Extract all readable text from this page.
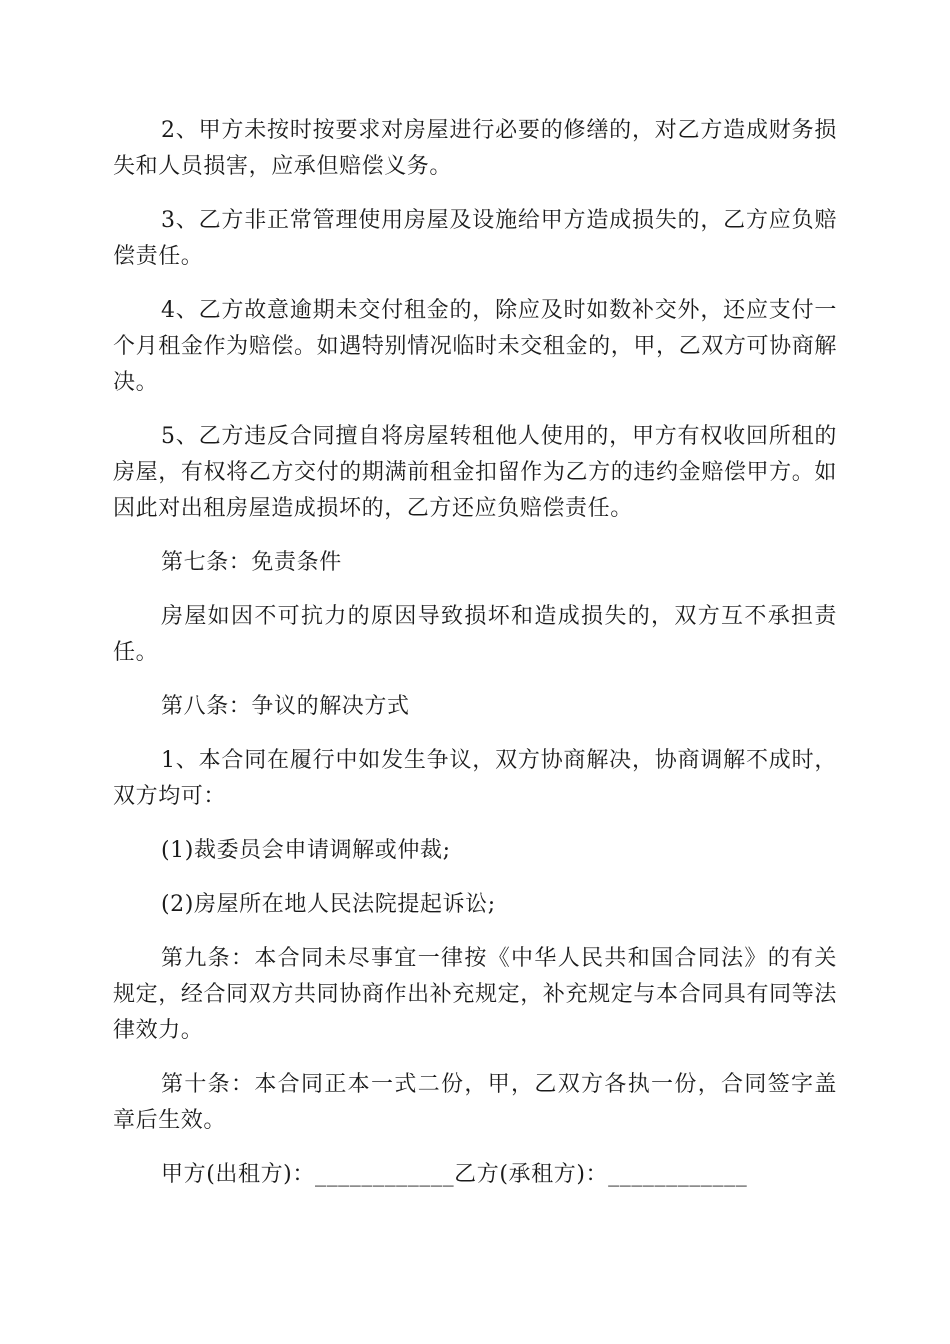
2、甲方未按时按要求对房屋进行必要的修缮的，对乙方造成财务损失和人员损害，应承但赔偿义务。

3、乙方非正常管理使用房屋及设施给甲方造成损失的，乙方应负赔偿责任。

4、乙方故意逾期未交付租金的，除应及时如数补交外，还应支付一个月租金作为赔偿。如遇特别情况临时未交租金的，甲，乙双方可协商解决。

5、乙方违反合同擅自将房屋转租他人使用的，甲方有权收回所租的房屋，有权将乙方交付的期满前租金扣留作为乙方的违约金赔偿甲方。如因此对出租房屋造成损坏的，乙方还应负赔偿责任。

第七条：免责条件

房屋如因不可抗力的原因导致损坏和造成损失的，双方互不承担责任。

第八条：争议的解决方式

1、本合同在履行中如发生争议，双方协商解决，协商调解不成时，双方均可：

(1)裁委员会申请调解或仲裁;

(2)房屋所在地人民法院提起诉讼;

第九条：本合同未尽事宜一律按《中华人民共和国合同法》的有关规定，经合同双方共同协商作出补充规定，补充规定与本合同具有同等法律效力。

第十条：本合同正本一式二份，甲，乙双方各执一份，合同签字盖章后生效。

甲方(出租方)：____________乙方(承租方)：____________
